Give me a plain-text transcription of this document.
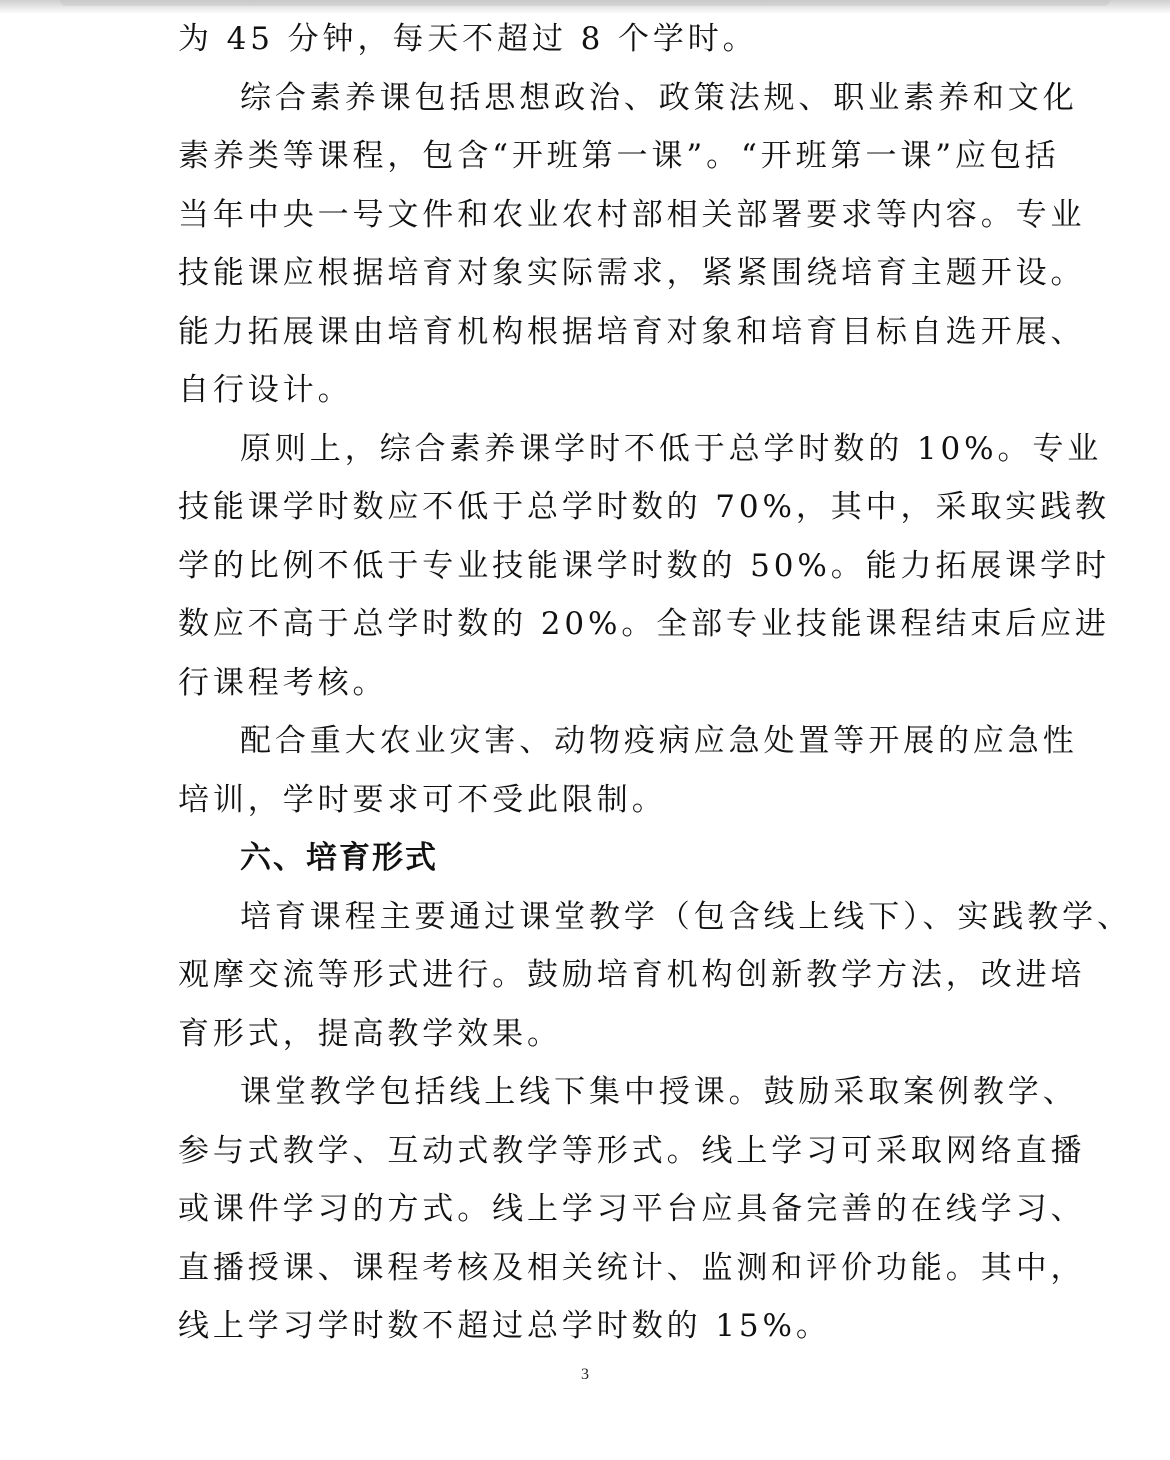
为 45 分钟，每天不超过 8 个学时。
综合素养课包括思想政治、政策法规、职业素养和文化
素养类等课程，包含“开班第一课”。“开班第一课”应包括
当年中央一号文件和农业农村部相关部署要求等内容。专业
技能课应根据培育对象实际需求，紧紧围绕培育主题开设。
能力拓展课由培育机构根据培育对象和培育目标自选开展、
自行设计。
原则上，综合素养课学时不低于总学时数的 10%。专业
技能课学时数应不低于总学时数的 70%，其中，采取实践教
学的比例不低于专业技能课学时数的 50%。能力拓展课学时
数应不高于总学时数的 20%。全部专业技能课程结束后应进
行课程考核。
配合重大农业灾害、动物疫病应急处置等开展的应急性
培训，学时要求可不受此限制。
六、培育形式
培育课程主要通过课堂教学（包含线上线下）、实践教学、
观摩交流等形式进行。鼓励培育机构创新教学方法，改进培
育形式，提高教学效果。
课堂教学包括线上线下集中授课。鼓励采取案例教学、
参与式教学、互动式教学等形式。线上学习可采取网络直播
或课件学习的方式。线上学习平台应具备完善的在线学习、
直播授课、课程考核及相关统计、监测和评价功能。其中，
线上学习学时数不超过总学时数的 15%。
3
